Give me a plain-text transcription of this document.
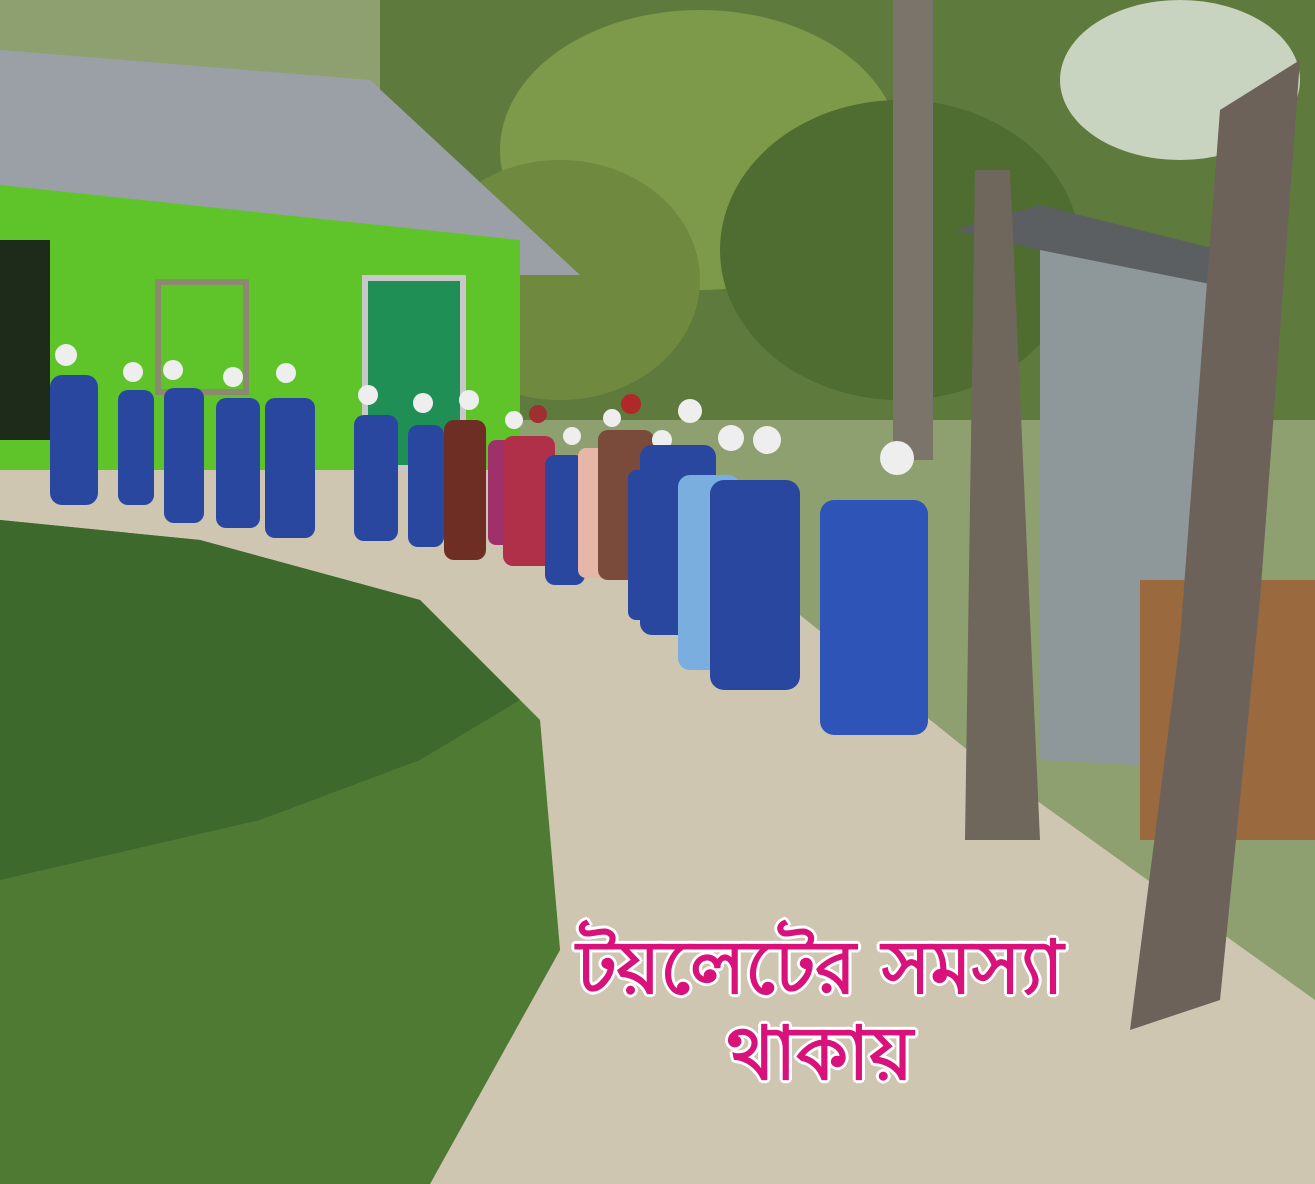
টয়লেটের সমস্যা
থাকায়
